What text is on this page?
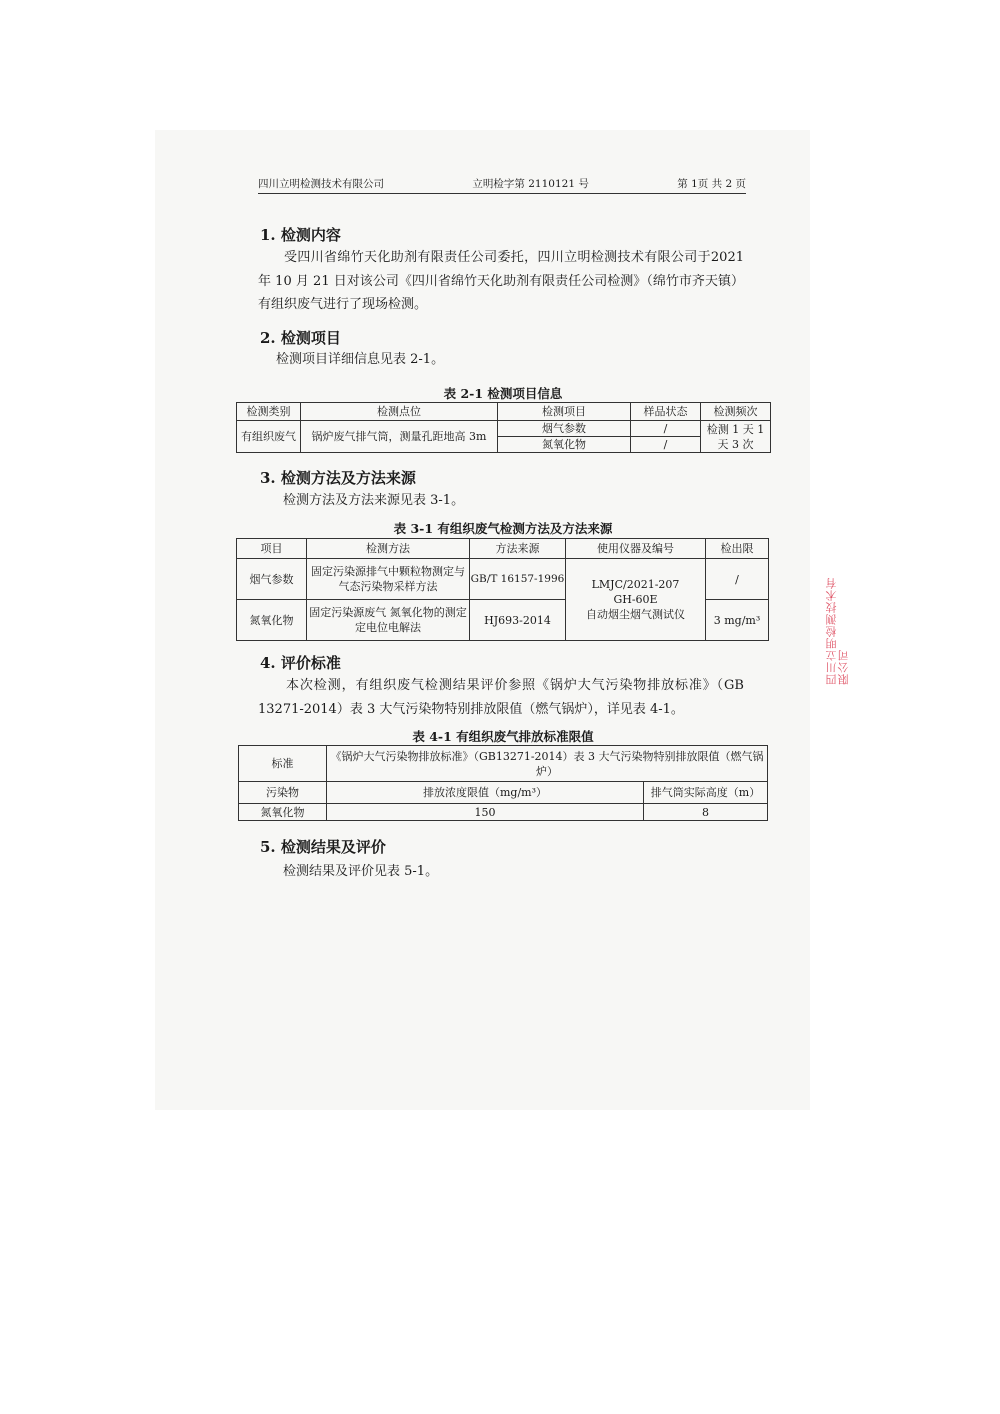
四川立明检测技术有限公司	立明检字第 2110121 号	第 1页 共 2 页
1. 检测内容
受四川省绵竹天化助剂有限责任公司委托，四川立明检测技术有限公司于2021 年 10 月 21 日对该公司《四川省绵竹天化助剂有限责任公司检测》（绵竹市齐天镇）有组织废气进行了现场检测。
2. 检测项目
检测项目详细信息见表 2-1。
表 2-1 检测项目信息
检测类别	检测点位	检测项目	样品状态	检测频次
有组织废气	锅炉废气排气筒，测量孔距地高 3m	烟气参数	/	检测 1 天 1 天 3 次
		氮氧化物	/	
3. 检测方法及方法来源
检测方法及方法来源见表 3-1。
表 3-1 有组织废气检测方法及方法来源
项目	检测方法	方法来源	使用仪器及编号	检出限
烟气参数	固定污染源排气中颗粒物测定与气态污染物采样方法	GB/T 16157-1996	LMJC/2021-207
GH-60E
自动烟尘烟气测试仪	/
氮氧化物	固定污染源废气 氮氧化物的测定 定电位电解法	HJ693-2014		3 mg/m³
4. 评价标准
本次检测，有组织废气检测结果评价参照《锅炉大气污染物排放标准》（GB 13271-2014）表 3 大气污染物特别排放限值（燃气锅炉），详见表 4-1。
表 4-1 有组织废气排放标准限值
标准	《锅炉大气污染物排放标准》（GB13271-2014）表 3 大气污染物特别排放限值（燃气锅炉）	
污染物	排放浓度限值（mg/m³）	排气筒实际高度（m）
氮氧化物	150	8
5. 检测结果及评价
检测结果及评价见表 5-1。
四川立明检测技术有限公司
